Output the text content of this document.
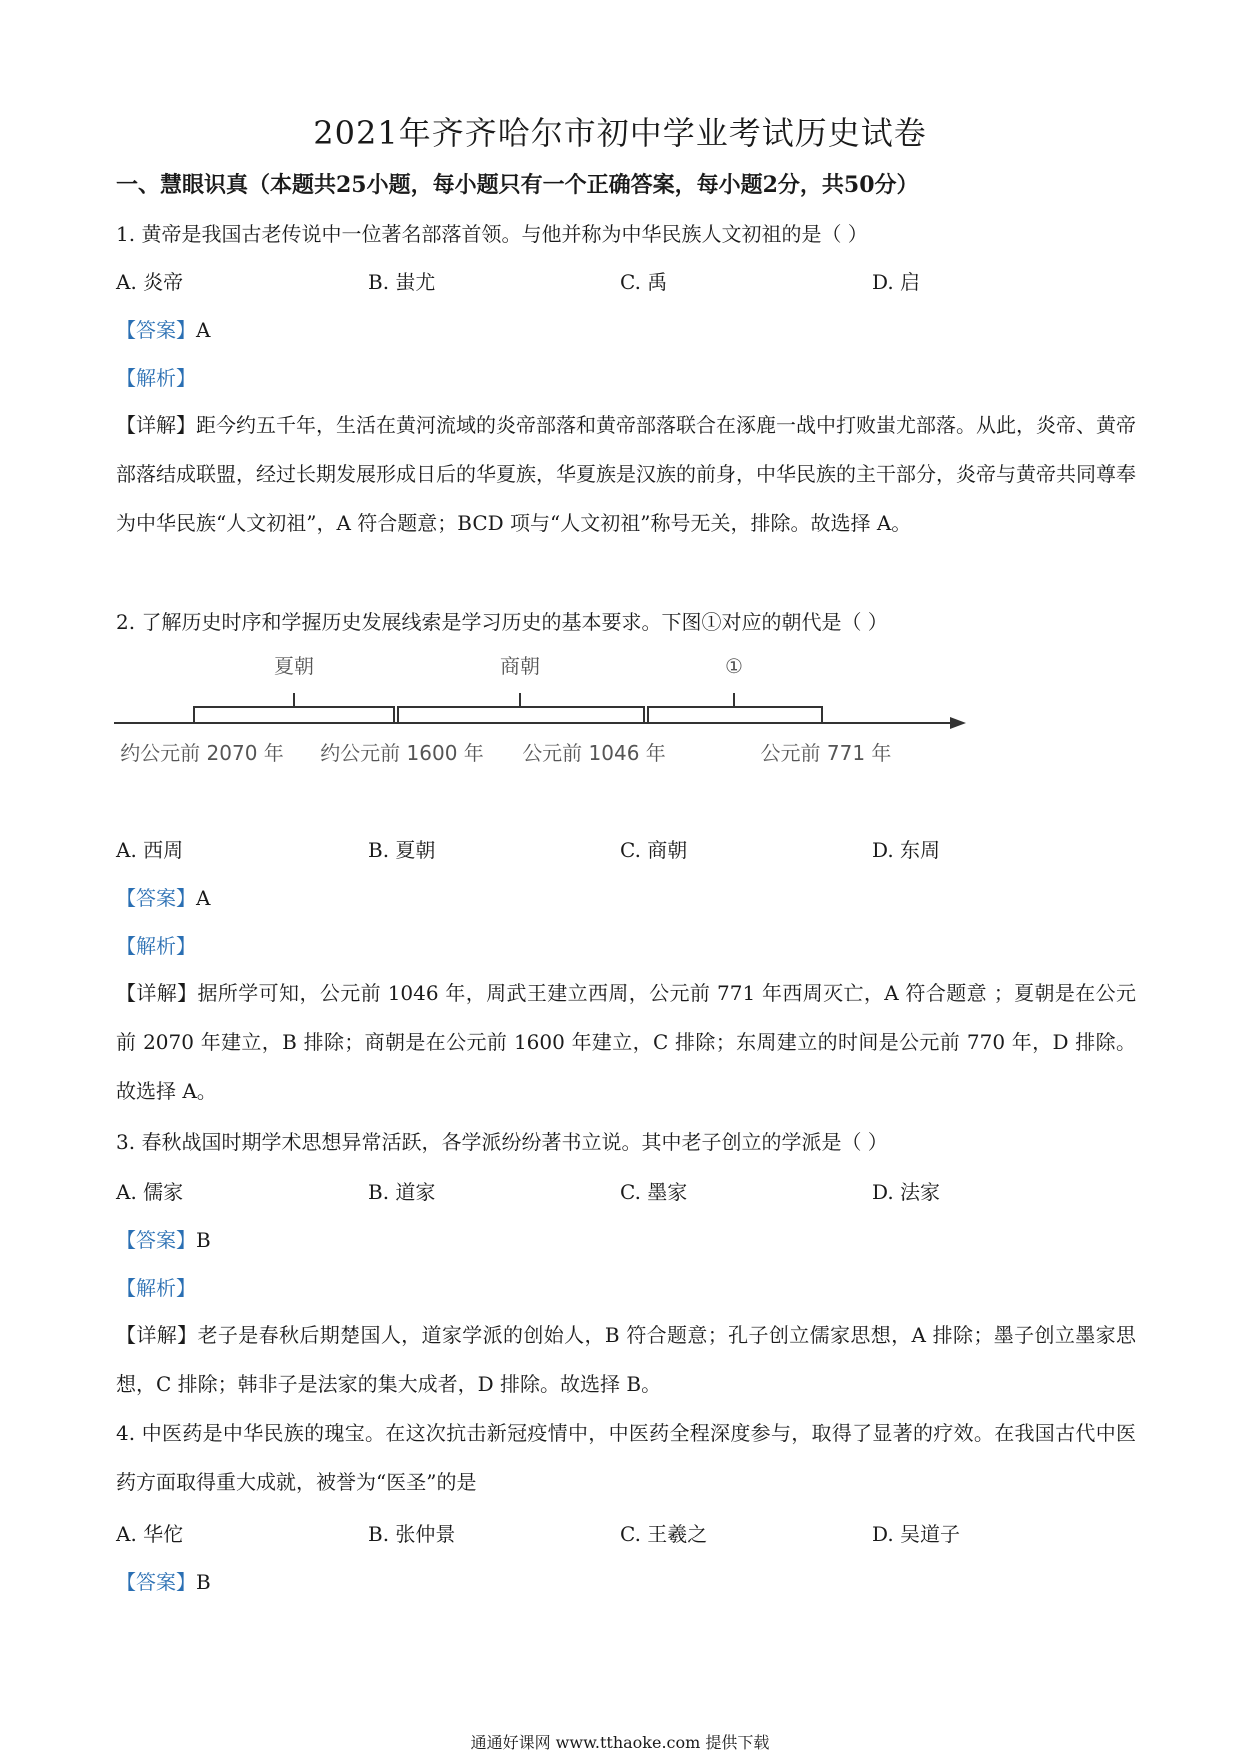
2021年齐齐哈尔市初中学业考试历史试卷
一、慧眼识真（本题共25小题，每小题只有一个正确答案，每小题2分，共50分）
1. 黄帝是我国古老传说中一位著名部落首领。与他并称为中华民族人文初祖的是（ ）
A. 炎帝	B. 蚩尤	C. 禹	D. 启
【答案】A
【解析】
【详解】距今约五千年，生活在黄河流域的炎帝部落和黄帝部落联合在涿鹿一战中打败蚩尤部落。从此，炎帝、黄帝部落结成联盟，经过长期发展形成日后的华夏族，华夏族是汉族的前身，中华民族的主干部分，炎帝与黄帝共同尊奉为中华民族“人文初祖”，A 符合题意；BCD 项与“人文初祖”称号无关，排除。故选择 A。
2. 了解历史时序和学握历史发展线索是学习历史的基本要求。下图①对应的朝代是（ ）
夏朝	商朝	①
约公元前 2070 年 约公元前 1600 年 公元前 1046 年	公元前 771 年
A. 西周	B. 夏朝	C. 商朝	D. 东周
【答案】A
【解析】
【详解】据所学可知，公元前 1046 年，周武王建立西周，公元前 771 年西周灭亡，A 符合题意 ；夏朝是在公元前 2070 年建立，B 排除；商朝是在公元前 1600 年建立，C 排除；东周建立的时间是公元前 770 年，D 排除。故选择 A。
3. 春秋战国时期学术思想异常活跃，各学派纷纷著书立说。其中老子创立的学派是（ ）
A. 儒家	B. 道家	C. 墨家	D. 法家
【答案】B
【解析】
【详解】老子是春秋后期楚国人，道家学派的创始人，B 符合题意；孔子创立儒家思想，A 排除；墨子创立墨家思想，C 排除；韩非子是法家的集大成者，D 排除。故选择 B。
4. 中医药是中华民族的瑰宝。在这次抗击新冠疫情中，中医药全程深度参与，取得了显著的疗效。在我国古代中医药方面取得重大成就，被誉为“医圣”的是
A. 华佗	B. 张仲景	C. 王羲之	D. 吴道子
【答案】B
通通好课网 www.tthaoke.com 提供下载
